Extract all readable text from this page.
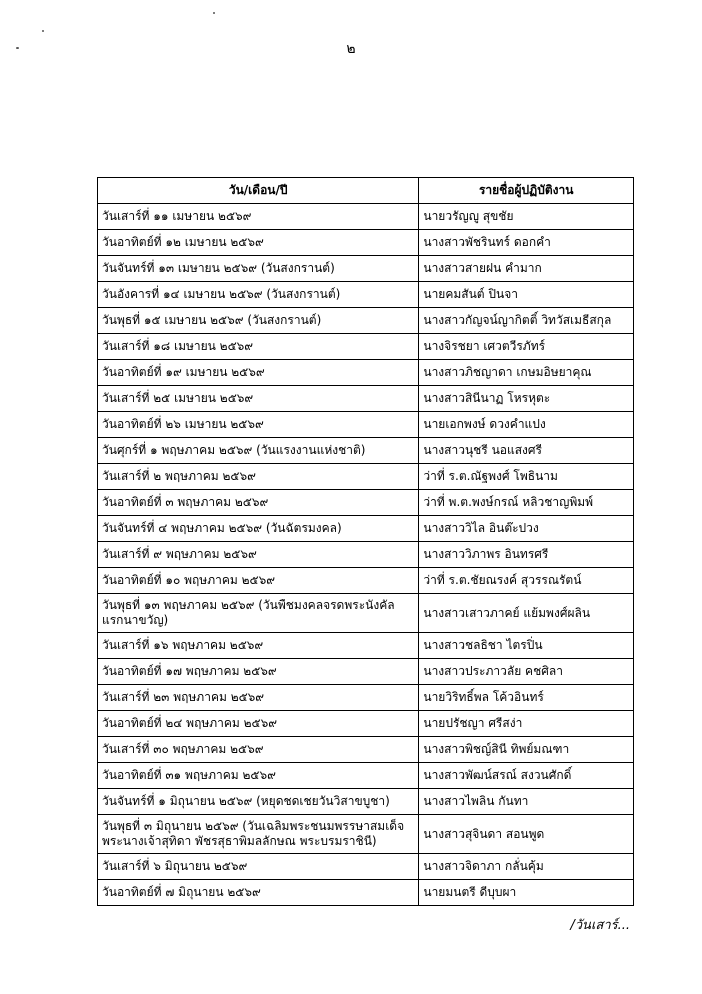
๒
วัน/เดือน/ปี	รายชื่อผู้ปฏิบัติงาน
วันเสาร์ที่ ๑๑ เมษายน ๒๕๖๙	นายวรัญญู สุขชัย
วันอาทิตย์ที่ ๑๒ เมษายน ๒๕๖๙	นางสาวพัชรินทร์ ดอกคำ
วันจันทร์ที่ ๑๓ เมษายน ๒๕๖๙ (วันสงกรานต์)	นางสาวสายฝน คำมาก
วันอังคารที่ ๑๔ เมษายน ๒๕๖๙ (วันสงกรานต์)	นายคมสันต์ ปินจา
วันพุธที่ ๑๕ เมษายน ๒๕๖๙ (วันสงกรานต์)	นางสาวกัญจน์ญากิตติ์ วิทวัสเมธีสกุล
วันเสาร์ที่ ๑๘ เมษายน ๒๕๖๙	นางจิรชยา เศวตวีรภัทร์
วันอาทิตย์ที่ ๑๙ เมษายน ๒๕๖๙	นางสาวภิชญาดา เกษมอิษยาคุณ
วันเสาร์ที่ ๒๕ เมษายน ๒๕๖๙	นางสาวสินีนาฏ โหรหุตะ
วันอาทิตย์ที่ ๒๖ เมษายน ๒๕๖๙	นายเอกพงษ์ ดวงคำแปง
วันศุกร์ที่ ๑ พฤษภาคม ๒๕๖๙ (วันแรงงานแห่งชาติ)	นางสาวนุชรี นอแสงศรี
วันเสาร์ที่ ๒ พฤษภาคม ๒๕๖๙	ว่าที่ ร.ต.ณัฐพงศ์ โพธินาม
วันอาทิตย์ที่ ๓ พฤษภาคม ๒๕๖๙	ว่าที่ พ.ต.พงษ์กรณ์ หลิวชาญพิมพ์
วันจันทร์ที่ ๔ พฤษภาคม ๒๕๖๙ (วันฉัตรมงคล)	นางสาววิไล อินต๊ะปวง
วันเสาร์ที่ ๙ พฤษภาคม ๒๕๖๙	นางสาววิภาพร อินทรศรี
วันอาทิตย์ที่ ๑๐ พฤษภาคม ๒๕๖๙	ว่าที่ ร.ต.ชัยณรงค์ สุวรรณรัตน์
วันพุธที่ ๑๓ พฤษภาคม ๒๕๖๙ (วันพืชมงคลจรดพระนังคัล แรกนาขวัญ)	นางสาวเสาวภาคย์ แย้มพงศ์ผลิน
วันเสาร์ที่ ๑๖ พฤษภาคม ๒๕๖๙	นางสาวชลธิชา ไตรปิ่น
วันอาทิตย์ที่ ๑๗ พฤษภาคม ๒๕๖๙	นางสาวประภาวลัย คชศิลา
วันเสาร์ที่ ๒๓ พฤษภาคม ๒๕๖๙	นายวิริทธิ์พล โค้วอินทร์
วันอาทิตย์ที่ ๒๔ พฤษภาคม ๒๕๖๙	นายปรัชญา ศรีสง่า
วันเสาร์ที่ ๓๐ พฤษภาคม ๒๕๖๙	นางสาวพิชญ์สินี ทิพย์มณฑา
วันอาทิตย์ที่ ๓๑ พฤษภาคม ๒๕๖๙	นางสาวพัฒน์สรณ์ สงวนศักดิ์
วันจันทร์ที่ ๑ มิถุนายน ๒๕๖๙ (หยุดชดเชยวันวิสาขบูชา)	นางสาวไพลิน กันทา
วันพุธที่ ๓ มิถุนายน ๒๕๖๙ (วันเฉลิมพระชนมพรรษาสมเด็จพระนางเจ้าสุทิดา พัชรสุธาพิมลลักษณ พระบรมราชินี)	นางสาวสุจินดา สอนพูด
วันเสาร์ที่ ๖ มิถุนายน ๒๕๖๙	นางสาวจิดาภา กลั่นคุ้ม
วันอาทิตย์ที่ ๗ มิถุนายน ๒๕๖๙	นายมนตรี ดีบุบผา
/วันเสาร์...
